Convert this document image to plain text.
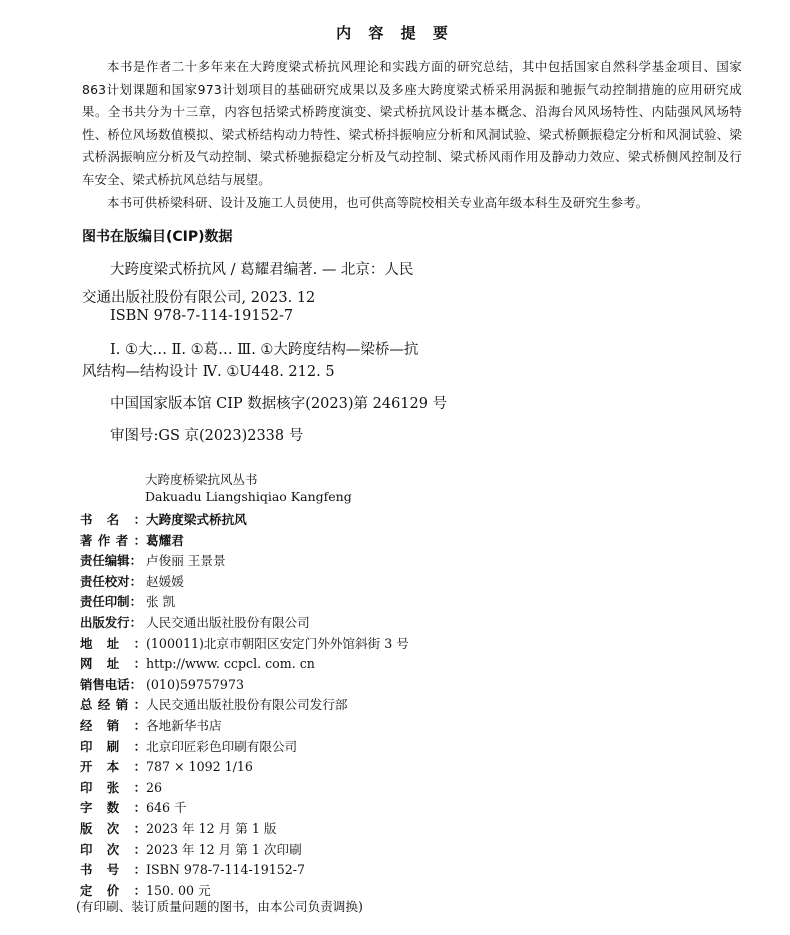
内 容 提 要

本书是作者二十多年来在大跨度梁式桥抗风理论和实践方面的研究总结，其中包括国家自然科学基金项目、国家863计划课题和国家973计划项目的基础研究成果以及多座大跨度梁式桥采用涡振和驰振气动控制措施的应用研究成果。全书共分为十三章，内容包括梁式桥跨度演变、梁式桥抗风设计基本概念、沿海台风风场特性、内陆强风风场特性、桥位风场数值模拟、梁式桥结构动力特性、梁式桥抖振响应分析和风洞试验、梁式桥颤振稳定分析和风洞试验、梁式桥涡振响应分析及气动控制、梁式桥驰振稳定分析及气动控制、梁式桥风雨作用及静动力效应、梁式桥侧风控制及行车安全、梁式桥抗风总结与展望。

本书可供桥梁科研、设计及施工人员使用，也可供高等院校相关专业高年级本科生及研究生参考。

图书在版编目(CIP)数据
大跨度梁式桥抗风 / 葛耀君编著. — 北京：人民
交通出版社股份有限公司, 2023. 12
ISBN 978-7-114-19152-7
Ⅰ. ①大… Ⅱ. ①葛… Ⅲ. ①大跨度结构—梁桥—抗
风结构—结构设计 Ⅳ. ①U448. 212. 5
中国国家版本馆 CIP 数据核字(2023)第 246129 号
审图号:GS 京(2023)2338 号
大跨度桥梁抗风丛书
Dakuadu Liangshiqiao Kangfeng
书 名 ： 大跨度梁式桥抗风
著 作 者 ： 葛耀君
责任编辑 ： 卢俊丽 王景景
责任校对 ： 赵媛媛
责任印制 ： 张 凯
出版发行 ： 人民交通出版社股份有限公司
地 址 ： (100011)北京市朝阳区安定门外外馆斜街 3 号
网 址 ： http://www. ccpcl. com. cn
销售电话 ： (010)59757973
总 经 销 ： 人民交通出版社股份有限公司发行部
经 销 ： 各地新华书店
印 刷 ： 北京印匠彩色印刷有限公司
开 本 ： 787 × 1092 1/16
印 张 ： 26
字 数 ： 646 千
版 次 ： 2023 年 12 月 第 1 版
印 次 ： 2023 年 12 月 第 1 次印刷
书 号 ： ISBN 978-7-114-19152-7
定 价 ： 150. 00 元
(有印刷、装订质量问题的图书，由本公司负责调换)
